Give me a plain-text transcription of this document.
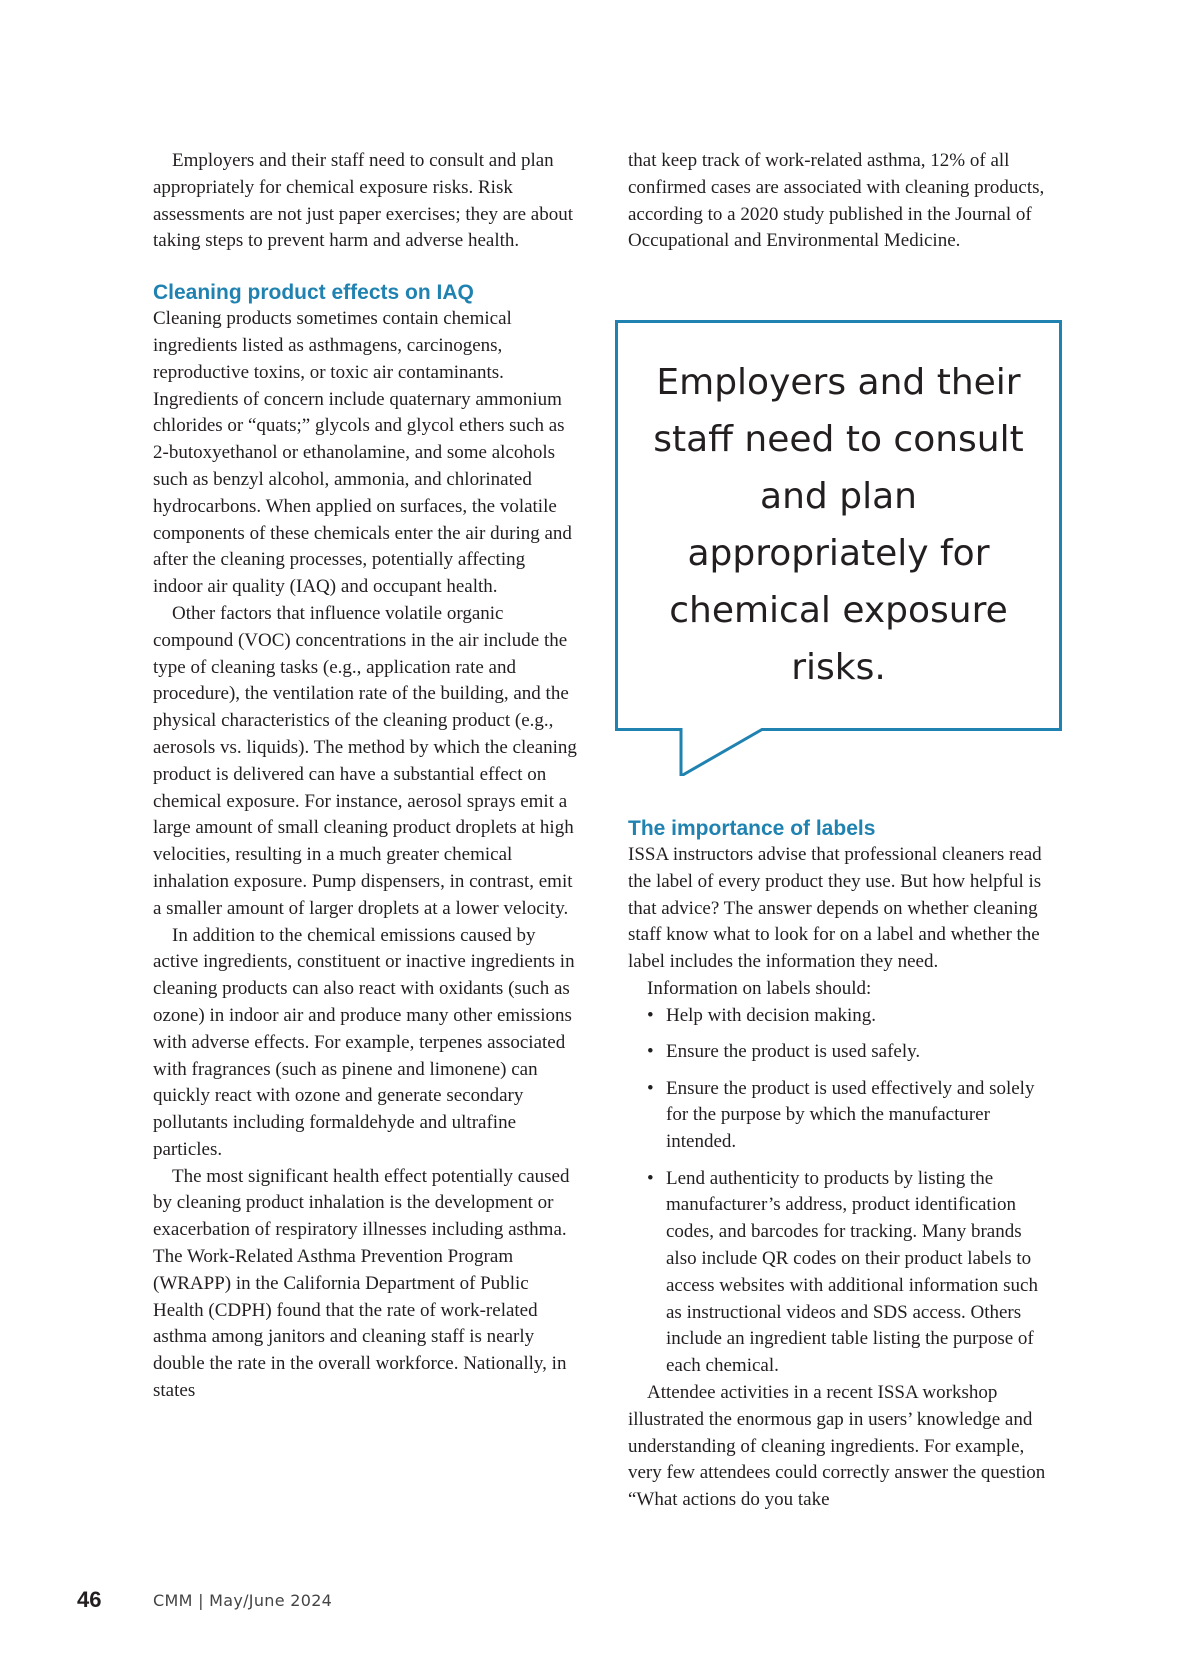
Employers and their staff need to consult and plan appropriately for chemical exposure risks. Risk assessments are not just paper exercises; they are about taking steps to prevent harm and adverse health.

Cleaning product effects on IAQ

Cleaning products sometimes contain chemical ingredients listed as asthmagens, carcinogens, reproductive toxins, or toxic air contaminants. Ingredients of concern include quaternary ammonium chlorides or “quats;” glycols and glycol ethers such as 2-butoxyethanol or ethanolamine, and some alcohols such as benzyl alcohol, ammonia, and chlorinated hydrocarbons. When applied on surfaces, the volatile components of these chemicals enter the air during and after the cleaning processes, potentially affecting indoor air quality (IAQ) and occupant health.

Other factors that influence volatile organic compound (VOC) concentrations in the air include the type of cleaning tasks (e.g., application rate and procedure), the ventilation rate of the building, and the physical characteristics of the cleaning product (e.g., aerosols vs. liquids). The method by which the cleaning product is delivered can have a substantial effect on chemical exposure. For instance, aerosol sprays emit a large amount of small cleaning product droplets at high velocities, resulting in a much greater chemical inhalation exposure. Pump dispensers, in contrast, emit a smaller amount of larger droplets at a lower velocity.

In addition to the chemical emissions caused by active ingredients, constituent or inactive ingredients in cleaning products can also react with oxidants (such as ozone) in indoor air and produce many other emissions with adverse effects. For example, terpenes associated with fragrances (such as pinene and limonene) can quickly react with ozone and generate secondary pollutants including formaldehyde and ultrafine particles.

The most significant health effect potentially caused by cleaning product inhalation is the development or exacerbation of respiratory illnesses including asthma. The Work-Related Asthma Prevention Program (WRAPP) in the California Department of Public Health (CDPH) found that the rate of work-related asthma among janitors and cleaning staff is nearly double the rate in the overall workforce. Nationally, in states

that keep track of work-related asthma, 12% of all confirmed cases are associated with cleaning products, according to a 2020 study published in the Journal of Occupational and Environmental Medicine.

Employers and their staff need to consult and plan appropriately for chemical exposure risks.
The importance of labels

ISSA instructors advise that professional cleaners read the label of every product they use. But how helpful is that advice? The answer depends on whether cleaning staff know what to look for on a label and whether the label includes the information they need.

Information on labels should:

• Help with decision making.
• Ensure the product is used safely.
• Ensure the product is used effectively and solely for the purpose by which the manufacturer intended.
• Lend authenticity to products by listing the manufacturer’s address, product identification codes, and barcodes for tracking. Many brands also include QR codes on their product labels to access websites with additional information such as instructional videos and SDS access. Others include an ingredient table listing the purpose of each chemical.

Attendee activities in a recent ISSA workshop illustrated the enormous gap in users’ knowledge and understanding of cleaning ingredients. For example, very few attendees could correctly answer the question “What actions do you take

46	CMM | May/June 2024
